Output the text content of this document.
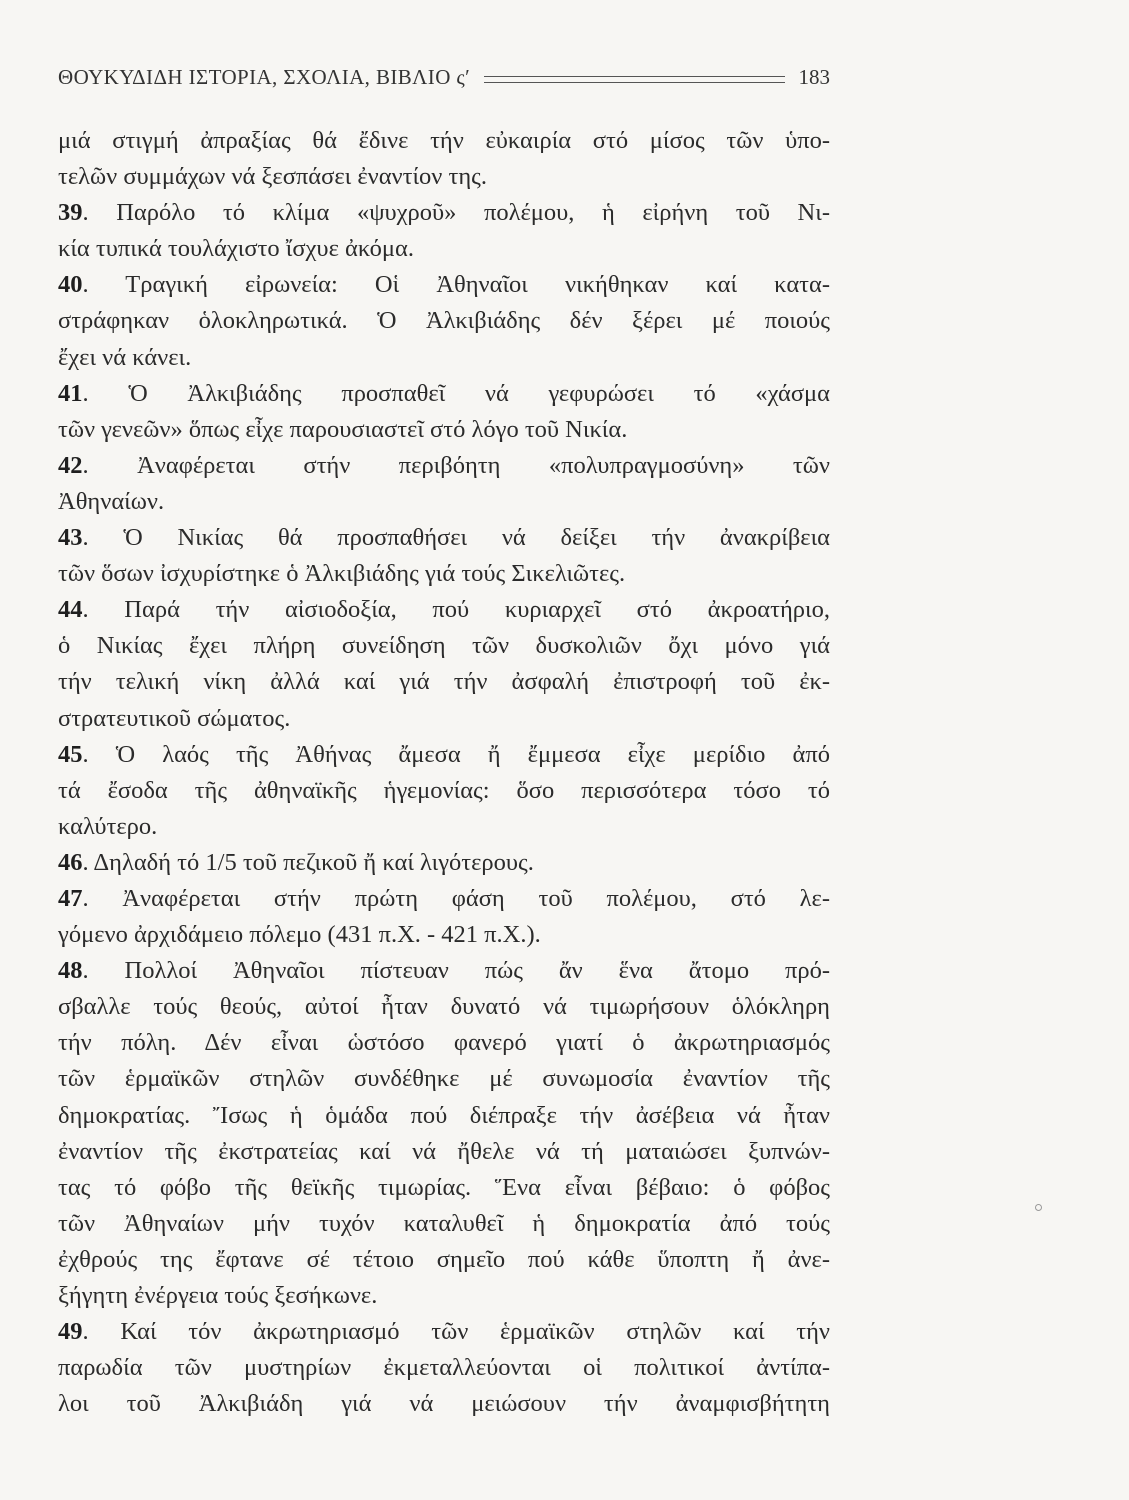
ΘΟΥΚΥΔΙΔΗ ΙΣΤΟΡΙΑ, ΣΧΟΛΙΑ, ΒΙΒΛΙΟ ς′	183
μιά στιγμή ἀπραξίας θά ἔδινε τήν εὐκαιρία στό μίσος τῶν ὑπο-
τελῶν συμμάχων νά ξεσπάσει ἐναντίον της.
39. Παρόλο τό κλίμα «ψυχροῦ» πολέμου, ἡ εἰρήνη τοῦ Νι-
κία τυπικά τουλάχιστο ἴσχυε ἀκόμα.
40. Τραγική εἰρωνεία: Οἱ Ἀθηναῖοι νικήθηκαν καί κατα-
στράφηκαν ὁλοκληρωτικά. Ὁ Ἀλκιβιάδης δέν ξέρει μέ ποιούς
ἔχει νά κάνει.
41. Ὁ Ἀλκιβιάδης προσπαθεῖ νά γεφυρώσει τό «χάσμα
τῶν γενεῶν» ὅπως εἶχε παρουσιαστεῖ στό λόγο τοῦ Νικία.
42. Ἀναφέρεται στήν περιβόητη «πολυπραγμοσύνη» τῶν
Ἀθηναίων.
43. Ὁ Νικίας θά προσπαθήσει νά δείξει τήν ἀνακρίβεια
τῶν ὅσων ἰσχυρίστηκε ὁ Ἀλκιβιάδης γιά τούς Σικελιῶτες.
44. Παρά τήν αἰσιοδοξία, πού κυριαρχεῖ στό ἀκροατήριο,
ὁ Νικίας ἔχει πλήρη συνείδηση τῶν δυσκολιῶν ὄχι μόνο γιά
τήν τελική νίκη ἀλλά καί γιά τήν ἀσφαλή ἐπιστροφή τοῦ ἐκ-
στρατευτικοῦ σώματος.
45. Ὁ λαός τῆς Ἀθήνας ἄμεσα ἤ ἔμμεσα εἶχε μερίδιο ἀπό
τά ἔσοδα τῆς ἀθηναϊκῆς ἡγεμονίας: ὅσο περισσότερα τόσο τό
καλύτερο.
46. Δηλαδή τό 1/5 τοῦ πεζικοῦ ἤ καί λιγότερους.
47. Ἀναφέρεται στήν πρώτη φάση τοῦ πολέμου, στό λε-
γόμενο ἀρχιδάμειο πόλεμο (431 π.Χ. - 421 π.Χ.).
48. Πολλοί Ἀθηναῖοι πίστευαν πώς ἄν ἕνα ἄτομο πρό-
σβαλλε τούς θεούς, αὐτοί ἦταν δυνατό νά τιμωρήσουν ὁλόκληρη
τήν πόλη. Δέν εἶναι ὡστόσο φανερό γιατί ὁ ἀκρωτηριασμός
τῶν ἑρμαϊκῶν στηλῶν συνδέθηκε μέ συνωμοσία ἐναντίον τῆς
δημοκρατίας. Ἴσως ἡ ὁμάδα πού διέπραξε τήν ἀσέβεια νά ἦταν
ἐναντίον τῆς ἐκστρατείας καί νά ἤθελε νά τή ματαιώσει ξυπνών-
τας τό φόβο τῆς θεϊκῆς τιμωρίας. Ἕνα εἶναι βέβαιο: ὁ φόβος
τῶν Ἀθηναίων μήν τυχόν καταλυθεῖ ἡ δημοκρατία ἀπό τούς
ἐχθρούς της ἔφτανε σέ τέτοιο σημεῖο πού κάθε ὕποπτη ἤ ἀνε-
ξήγητη ἐνέργεια τούς ξεσήκωνε.
49. Καί τόν ἀκρωτηριασμό τῶν ἑρμαϊκῶν στηλῶν καί τήν
παρωδία τῶν μυστηρίων ἐκμεταλλεύονται οἱ πολιτικοί ἀντίπα-
λοι τοῦ Ἀλκιβιάδη γιά νά μειώσουν τήν ἀναμφισβήτητη
